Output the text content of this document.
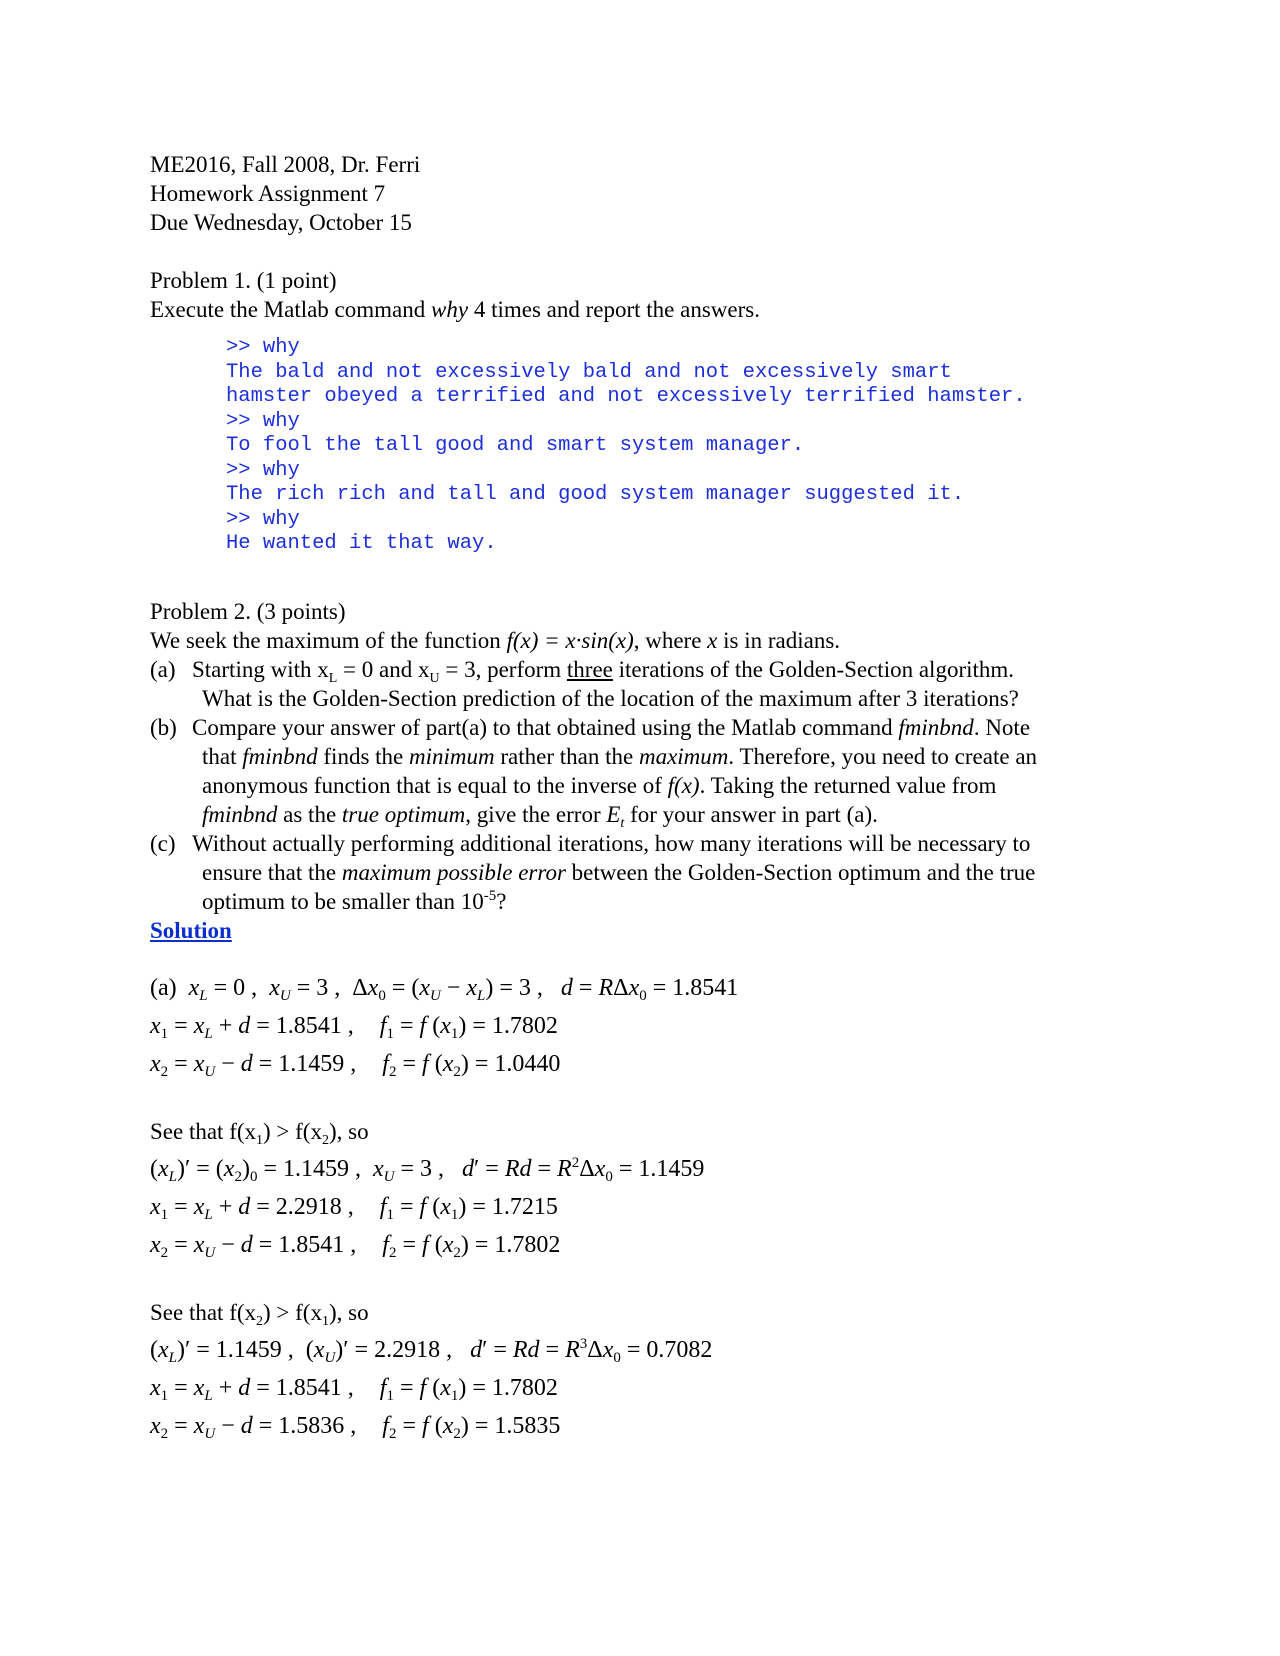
ME2016, Fall 2008, Dr. Ferri
Homework Assignment 7
Due Wednesday, October 15
Problem 1. (1 point)
Execute the Matlab command why 4 times and report the answers.
>> why
The bald and not excessively bald and not excessively smart
hamster obeyed a terrified and not excessively terrified hamster.
>> why
To fool the tall good and smart system manager.
>> why
The rich rich and tall and good system manager suggested it.
>> why
He wanted it that way.
Problem 2. (3 points)
We seek the maximum of the function f(x) = x·sin(x), where x is in radians.
(a) Starting with $x_L = 0$ and $x_U = 3$, perform three iterations of the Golden-Section algorithm.
What is the Golden-Section prediction of the location of the maximum after 3 iterations?
(b) Compare your answer of part(a) to that obtained using the Matlab command fminbnd. Note
that fminbnd finds the minimum rather than the maximum. Therefore, you need to create an
anonymous function that is equal to the inverse of f(x). Taking the returned value from
fminbnd as the true optimum, give the error $E_t$ for your answer in part (a).
(c) Without actually performing additional iterations, how many iterations will be necessary to
ensure that the maximum possible error between the Golden-Section optimum and the true
optimum to be smaller than $10^{-5}$?
Solution
(a) $x_L = 0$ ,  $x_U = 3$ ,  $\Delta x_0 = (x_U - x_L) = 3$ ,   d = RΔx$_0$ = 1.8541
$x_1 = x_L + d = 1.8541$ , $f_1 = f$ $(x_1) = 1.7802$
$x_2 = x_U - d = 1.1459$ , $f_2 = f$ $(x_2) = 1.0440$
See that $f(x_1) > f(x_2)$, so
$(x_L)' = (x_2)_0 = 1.1459$ ,  $x_U = 3$ ,   $d' = Rd = R^2\Delta x_0 = 1.1459$
$x_1 = x_L + d = 2.2918$ , $f_1 = f$ $(x_1) = 1.7215$
$x_2 = x_U - d = 1.8541$ , $f_2 = f$ $(x_2) = 1.7802$
See that $f(x_2) > f(x_1)$, so
$(x_L)' = 1.1459$ ,  $(x_U)' = 2.2918$ ,   $d' = Rd = R^3\Delta x_0 = 0.7082$
$x_1 = x_L + d = 1.8541$ , $f_1 = f$ $(x_1) = 1.7802$
$x_2 = x_U - d = 1.5836$ , $f_2 = f$ $(x_2) = 1.5835$
